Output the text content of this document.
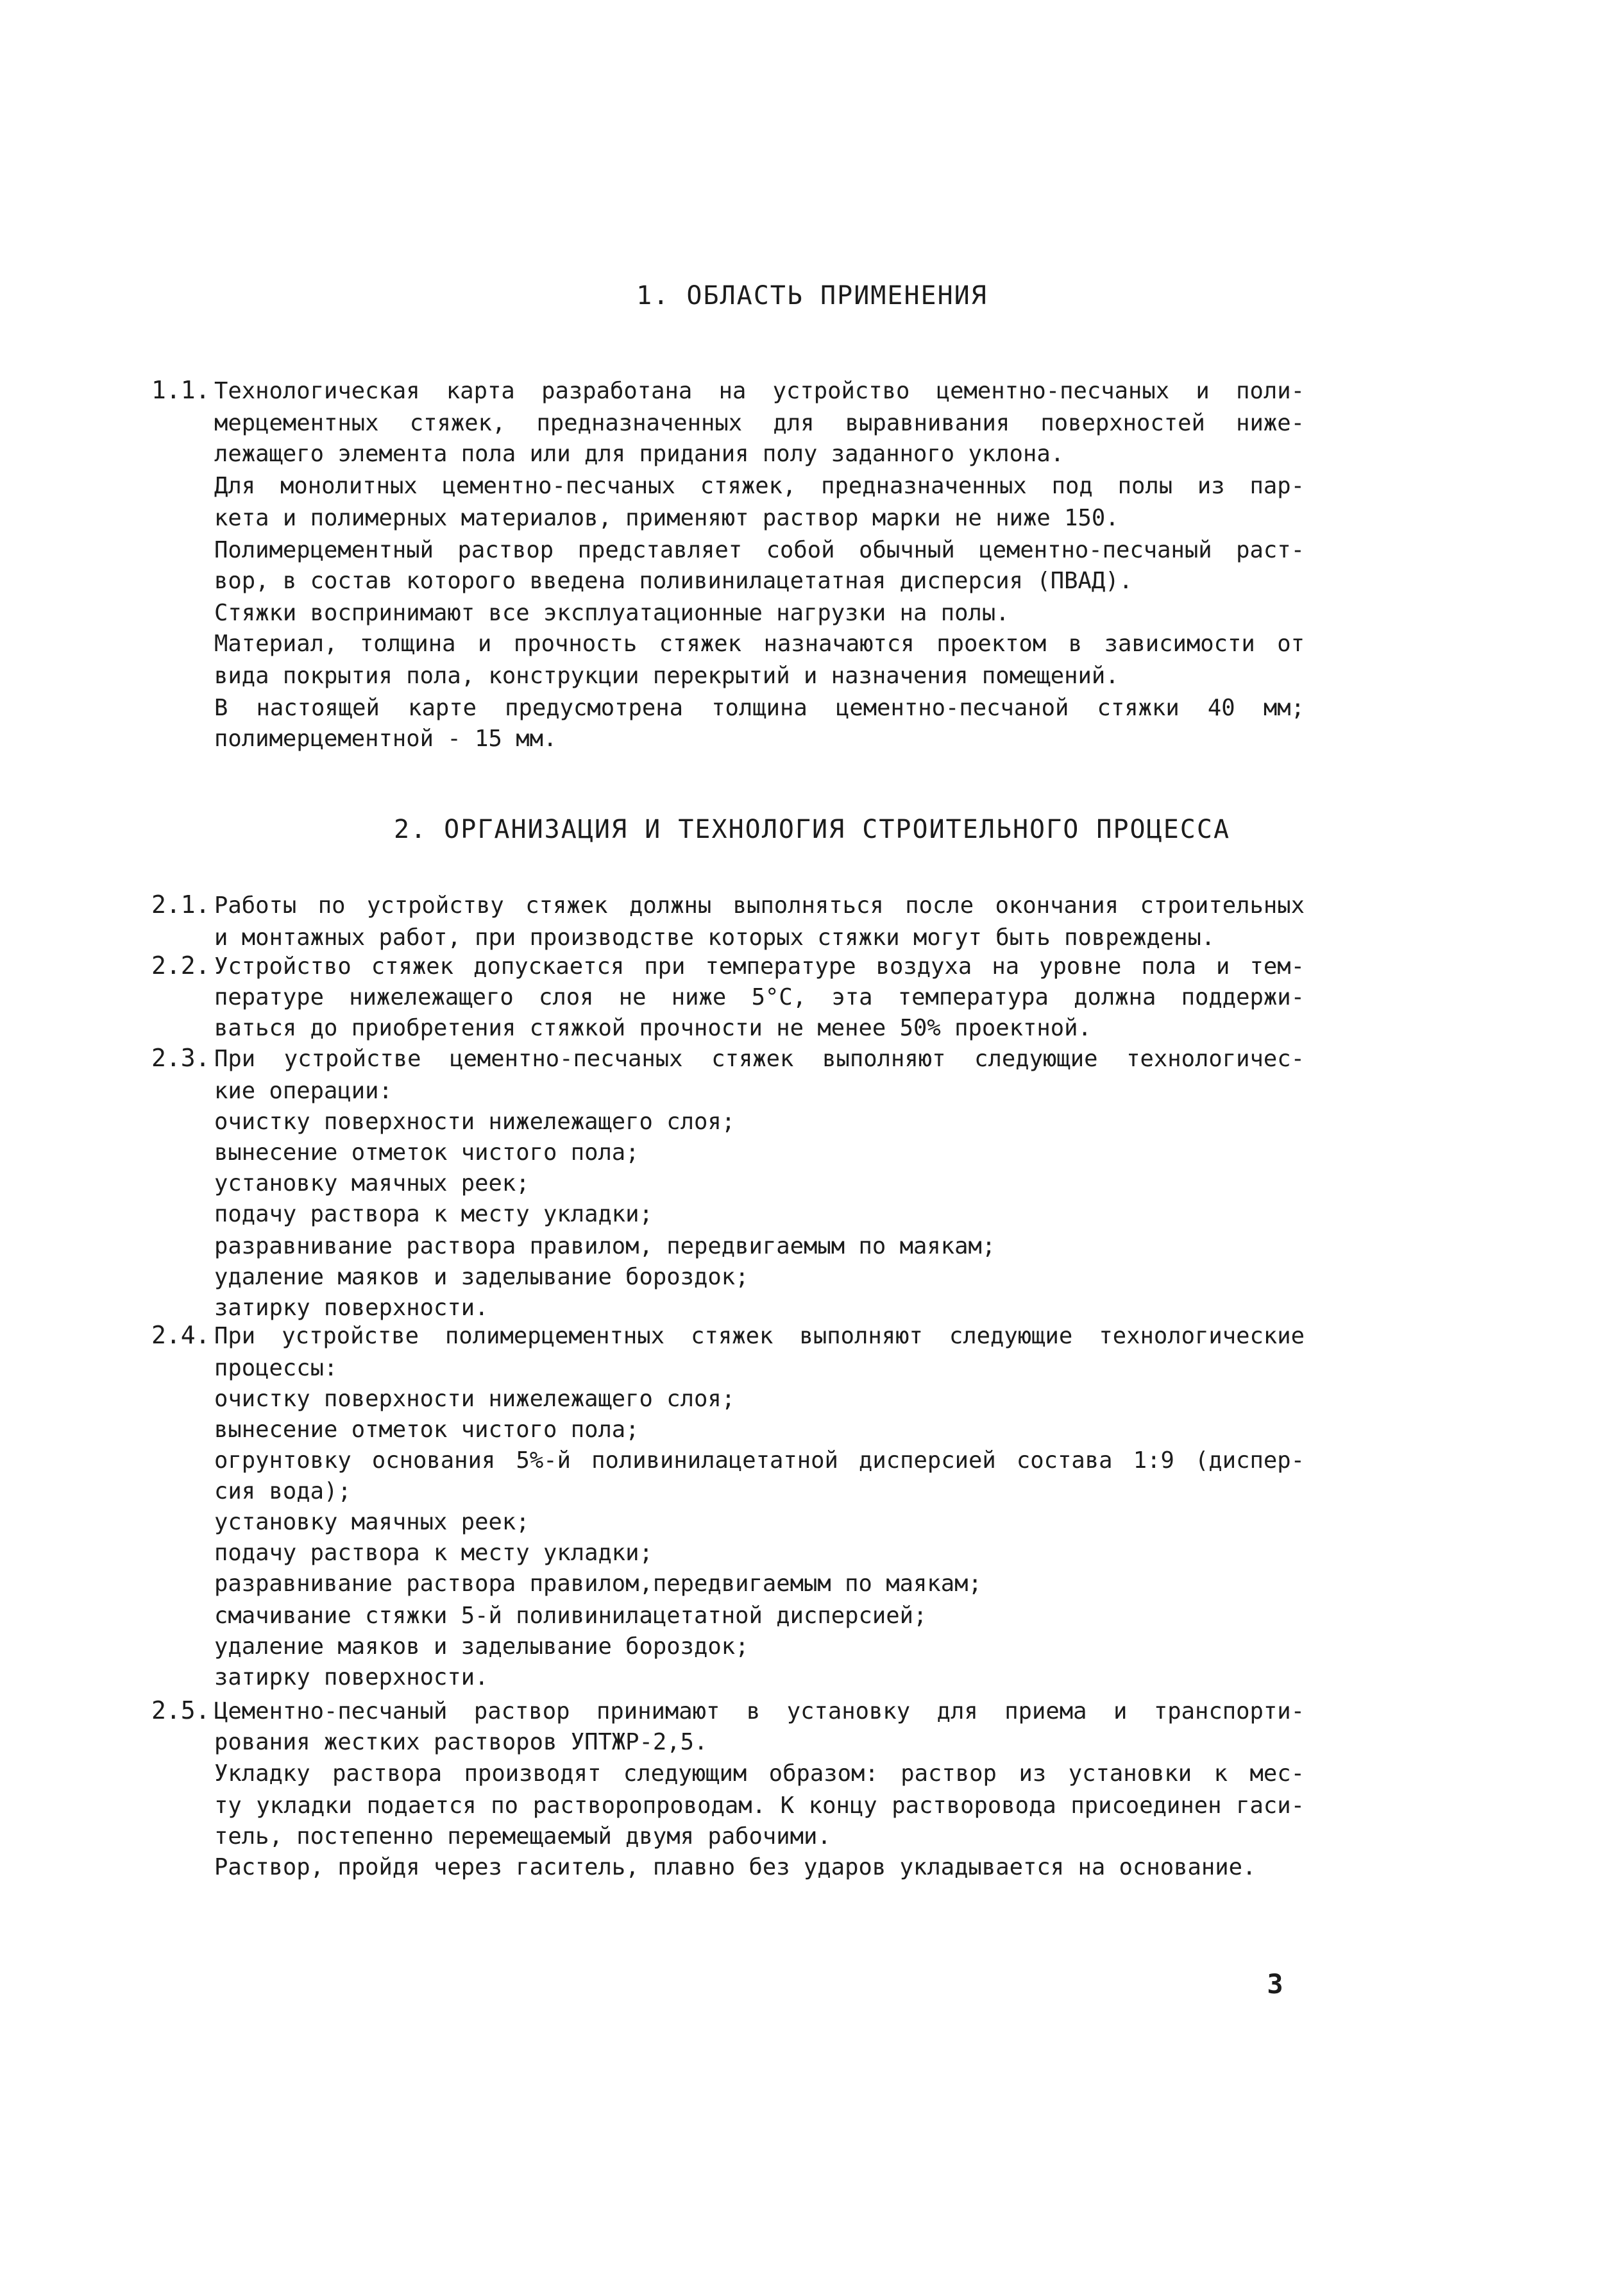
1. ОБЛАСТЬ ПРИМЕНЕНИЯ
2. ОРГАНИЗАЦИЯ И ТЕХНОЛОГИЯ СТРОИТЕЛЬНОГО ПРОЦЕССА
1.1. Технологическая карта разработана на устройство цементно-песчаных и поли-
мерцементных стяжек, предназначенных для выравнивания поверхностей ниже-
лежащего элемента пола или для придания полу заданного уклона.
Для монолитных цементно-песчаных стяжек, предназначенных под полы из пар-
кета и полимерных материалов, применяют раствор марки не ниже 150.
Полимерцементный раствор представляет собой обычный цементно-песчаный раст-
вор, в состав которого введена поливинилацетатная дисперсия (ПВАД).
Стяжки воспринимают все эксплуатационные нагрузки на полы.
Материал, толщина и прочность стяжек назначаются проектом в зависимости от
вида покрытия пола, конструкции перекрытий и назначения помещений.
В настоящей карте предусмотрена толщина цементно-песчаной стяжки 40 мм;
полимерцементной - 15 мм.
2.1. Работы по устройству стяжек должны выполняться после окончания строительных
и монтажных работ, при производстве которых стяжки могут быть повреждены.
2.2. Устройство стяжек допускается при температуре воздуха на уровне пола и тем-
пературе нижележащего слоя не ниже 5°С, эта температура должна поддержи-
ваться до приобретения стяжкой прочности не менее 50% проектной.
2.3. При устройстве цементно-песчаных стяжек выполняют следующие технологичес-
кие операции:
очистку поверхности нижележащего слоя;
вынесение отметок чистого пола;
установку маячных реек;
подачу раствора к месту укладки;
разравнивание раствора правилом, передвигаемым по маякам;
удаление маяков и заделывание бороздок;
затирку поверхности.
2.4. При устройстве полимерцементных стяжек выполняют следующие технологические
процессы:
очистку поверхности нижележащего слоя;
вынесение отметок чистого пола;
огрунтовку основания 5%-й поливинилацетатной дисперсией состава 1:9 (диспер-
сия вода);
установку маячных реек;
подачу раствора к месту укладки;
разравнивание раствора правилом,передвигаемым по маякам;
смачивание стяжки 5-й поливинилацетатной дисперсией;
удаление маяков и заделывание бороздок;
затирку поверхности.
2.5. Цементно-песчаный раствор принимают в установку для приема и транспорти-
рования жестких растворов УПТЖР-2,5.
Укладку раствора производят следующим образом: раствор из установки к мес-
ту укладки подается по растворопроводам. К концу растворовода присоединен гаси-
тель, постепенно перемещаемый двумя рабочими.
Раствор, пройдя через гаситель, плавно без ударов укладывается на основание.
3
